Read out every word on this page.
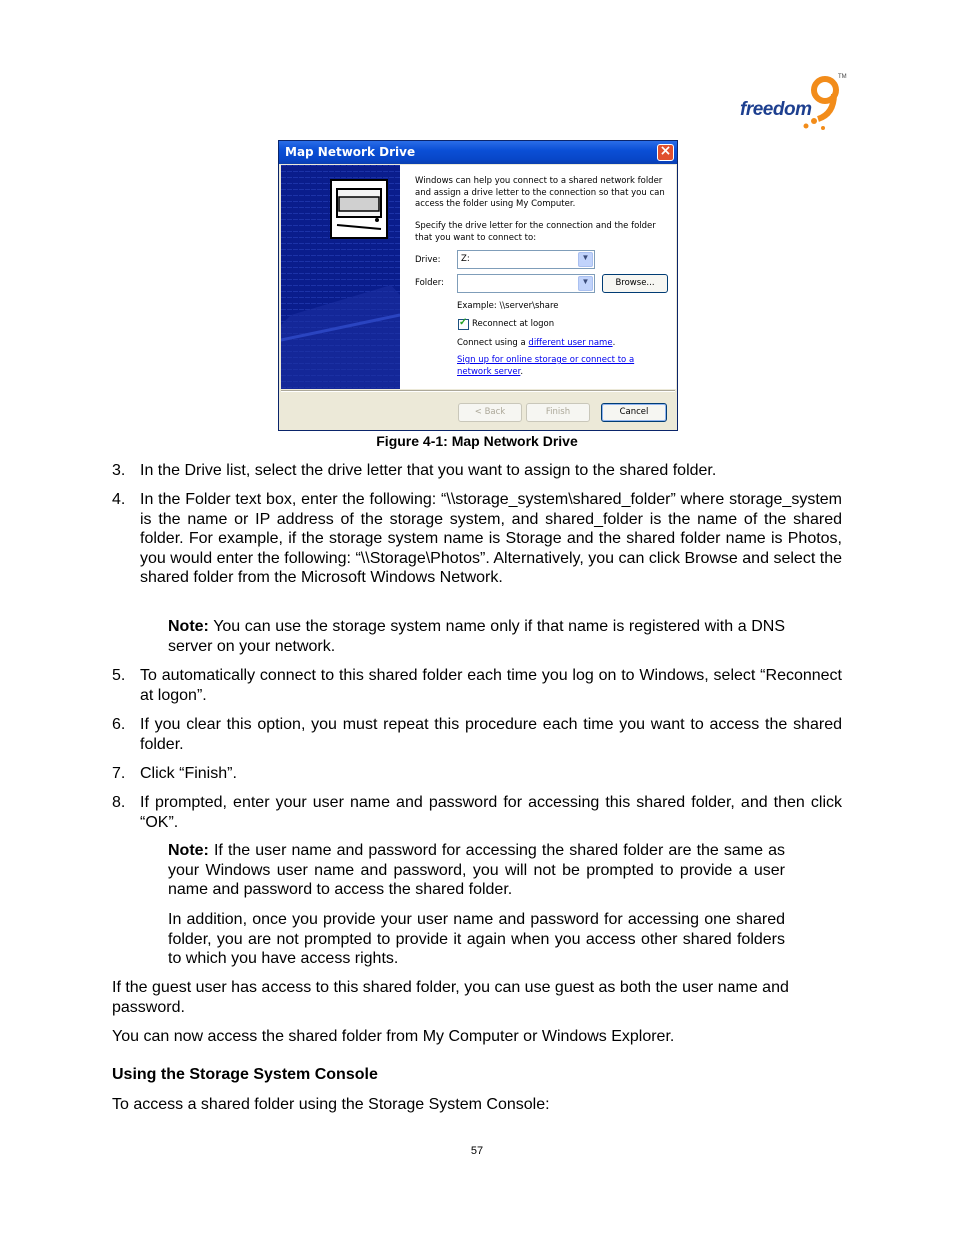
freedom
TM
Map Network Drive	×
Windows can help you connect to a shared network folder and assign a drive letter to the connection so that you can access the folder using My Computer.
Specify the drive letter for the connection and the folder that you want to connect to:
Drive: Z:	▼
Folder:	▼	Browse...
Example: \\server\share
✓ Reconnect at logon
Connect using a different user name.
Sign up for online storage or connect to a network server.
< Back	Finish	Cancel
Figure 4-1: Map Network Drive
3. In the Drive list, select the drive letter that you want to assign to the shared folder.
4. In the Folder text box, enter the following: “\\storage_system\shared_folder” where storage_system is the name or IP address of the storage system, and shared_folder is the name of the shared folder. For example, if the storage system name is Storage and the shared folder name is Photos, you would enter the following: “\\Storage\Photos”. Alternatively, you can click Browse and select the shared folder from the Microsoft Windows Network.
Note: You can use the storage system name only if that name is registered with a DNS server on your network.
5. To automatically connect to this shared folder each time you log on to Windows, select “Reconnect at logon”.
6. If you clear this option, you must repeat this procedure each time you want to access the shared folder.
7. Click “Finish”.
8. If prompted, enter your user name and password for accessing this shared folder, and then click “OK”.
Note: If the user name and password for accessing the shared folder are the same as your Windows user name and password, you will not be prompted to provide a user name and password to access the shared folder.
In addition, once you provide your user name and password for accessing one shared folder, you are not prompted to provide it again when you access other shared folders to which you have access rights.
If the guest user has access to this shared folder, you can use guest as both the user name and password.
You can now access the shared folder from My Computer or Windows Explorer.
Using the Storage System Console
To access a shared folder using the Storage System Console:
57
